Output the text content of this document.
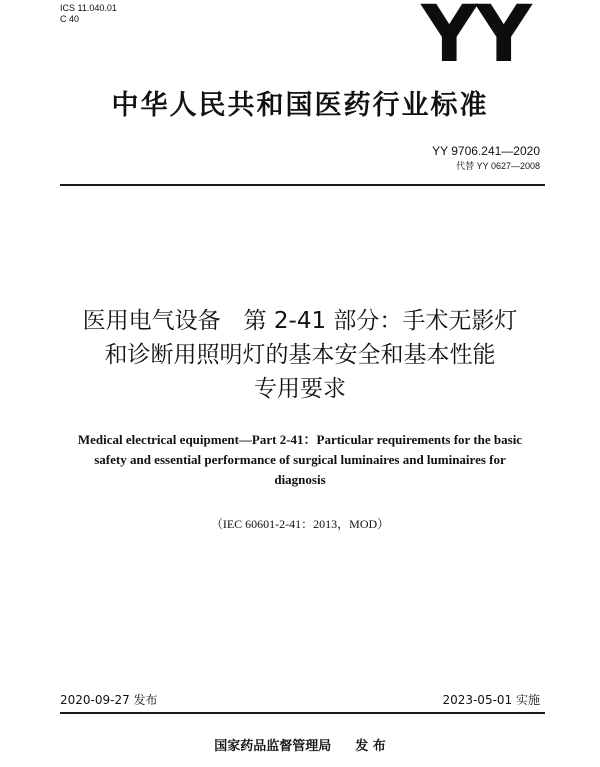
ICS 11.040.01
C 40	YY
中华人民共和国医药行业标准
YY 9706.241—2020
代替 YY 0627—2008
医用电气设备　第 2-41 部分：手术无影灯
和诊断用照明灯的基本安全和基本性能
专用要求
Medical electrical equipment—Part 2-41：Particular requirements for the basic
safety and essential performance of surgical luminaires and luminaires for
diagnosis
（IEC 60601-2-41：2013，MOD）
2020-09-27 发布	2023-05-01 实施
国家药品监督管理局 发 布
